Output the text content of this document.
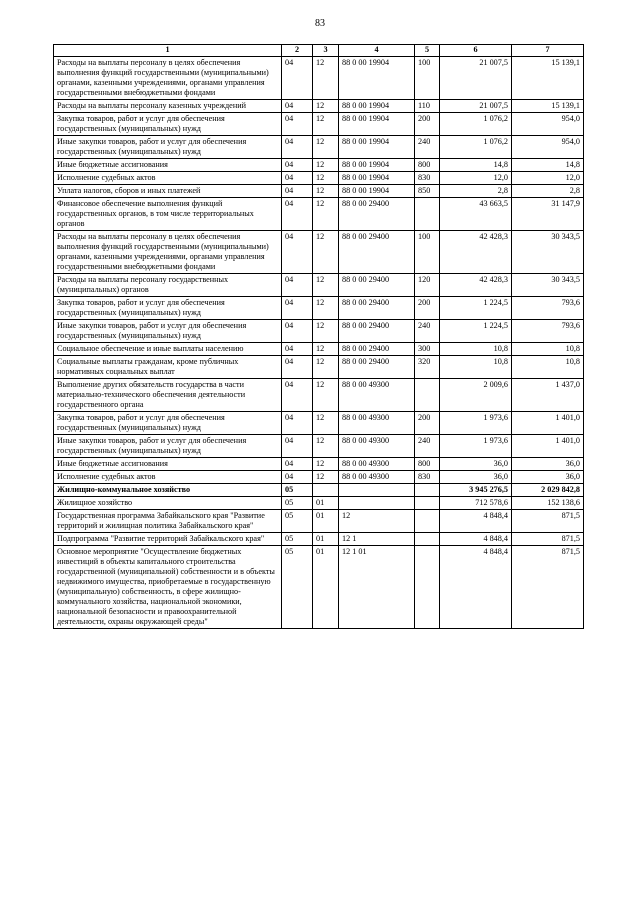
83
1	2	3	4	5	6	7
Расходы на выплаты персоналу в целях обеспечения выполнения функций государственными (муниципальными) органами, казенными учреждениями, органами управления государственными внебюджетными фондами	04	12	88 0 00 19904	100	21 007,5	15 139,1
Расходы на выплаты персоналу казенных учреждений	04	12	88 0 00 19904	110	21 007,5	15 139,1
Закупка товаров, работ и услуг для обеспечения государственных (муниципальных) нужд	04	12	88 0 00 19904	200	1 076,2	954,0
Иные закупки товаров, работ и услуг для обеспечения государственных (муниципальных) нужд	04	12	88 0 00 19904	240	1 076,2	954,0
Иные бюджетные ассигнования	04	12	88 0 00 19904	800	14,8	14,8
Исполнение судебных актов	04	12	88 0 00 19904	830	12,0	12,0
Уплата налогов, сборов и иных платежей	04	12	88 0 00 19904	850	2,8	2,8
Финансовое обеспечение выполнения функций государственных органов, в том числе территориальных органов	04	12	88 0 00 29400		43 663,5	31 147,9
Расходы на выплаты персоналу в целях обеспечения выполнения функций государственными (муниципальными) органами, казенными учреждениями, органами управления государственными внебюджетными фондами	04	12	88 0 00 29400	100	42 428,3	30 343,5
Расходы на выплаты персоналу государственных (муниципальных) органов	04	12	88 0 00 29400	120	42 428,3	30 343,5
Закупка товаров, работ и услуг для обеспечения государственных (муниципальных) нужд	04	12	88 0 00 29400	200	1 224,5	793,6
Иные закупки товаров, работ и услуг для обеспечения государственных (муниципальных) нужд	04	12	88 0 00 29400	240	1 224,5	793,6
Социальное обеспечение и иные выплаты населению	04	12	88 0 00 29400	300	10,8	10,8
Социальные выплаты гражданам, кроме публичных нормативных социальных выплат	04	12	88 0 00 29400	320	10,8	10,8
Выполнение других обязательств государства в части материально-технического обеспечения деятельности государственного органа	04	12	88 0 00 49300		2 009,6	1 437,0
Закупка товаров, работ и услуг для обеспечения государственных (муниципальных) нужд	04	12	88 0 00 49300	200	1 973,6	1 401,0
Иные закупки товаров, работ и услуг для обеспечения государственных (муниципальных) нужд	04	12	88 0 00 49300	240	1 973,6	1 401,0
Иные бюджетные ассигнования	04	12	88 0 00 49300	800	36,0	36,0
Исполнение судебных актов	04	12	88 0 00 49300	830	36,0	36,0
Жилищно-коммунальное хозяйство	05				3 945 276,5	2 029 842,8
Жилищное хозяйство	05	01			712 578,6	152 138,6
Государственная программа Забайкальского края "Развитие территорий и жилищная политика Забайкальского края"	05	01	12		4 848,4	871,5
Подпрограмма "Развитие территорий Забайкальского края"	05	01	12 1		4 848,4	871,5
Основное мероприятие "Осуществление бюджетных инвестиций в объекты капитального строительства государственной (муниципальной) собственности и в объекты недвижимого имущества, приобретаемые в государственную (муниципальную) собственность, в сфере жилищно-коммунального хозяйства, национальной экономики, национальной безопасности и правоохранительной деятельности, охраны окружающей среды"	05	01	12 1 01		4 848,4	871,5
